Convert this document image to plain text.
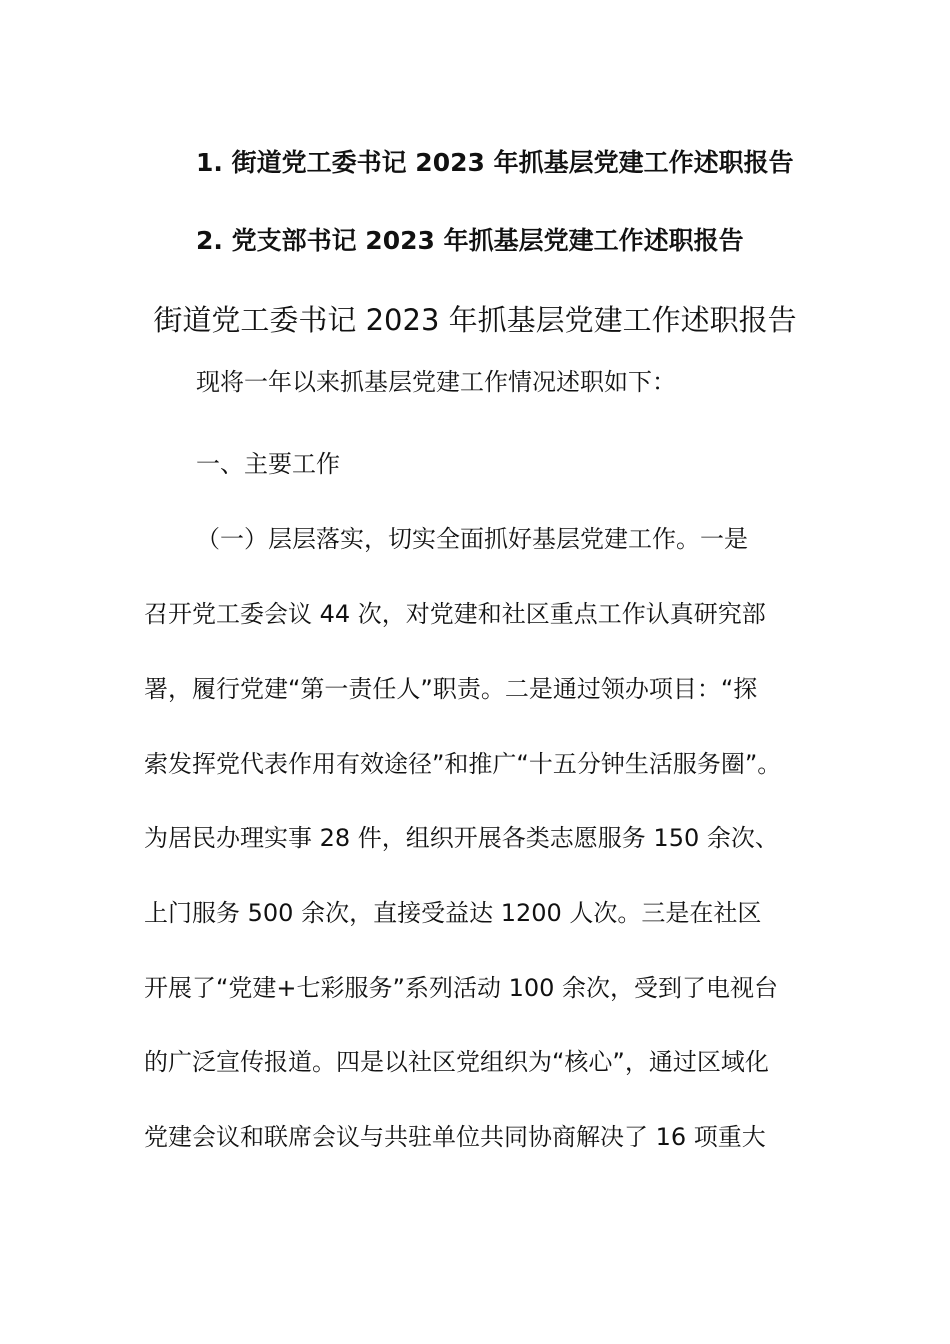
1. 街道党工委书记 2023 年抓基层党建工作述职报告
2. 党支部书记 2023 年抓基层党建工作述职报告
街道党工委书记 2023 年抓基层党建工作述职报告
现将一年以来抓基层党建工作情况述职如下：
一、主要工作
（一）层层落实，切实全面抓好基层党建工作。一是
召开党工委会议 44 次，对党建和社区重点工作认真研究部
署，履行党建“第一责任人”职责。二是通过领办项目：“探
索发挥党代表作用有效途径”和推广“十五分钟生活服务圈”。
为居民办理实事 28 件，组织开展各类志愿服务 150 余次、
上门服务 500 余次，直接受益达 1200 人次。三是在社区
开展了“党建+七彩服务”系列活动 100 余次，受到了电视台
的广泛宣传报道。四是以社区党组织为“核心”，通过区域化
党建会议和联席会议与共驻单位共同协商解决了 16 项重大
